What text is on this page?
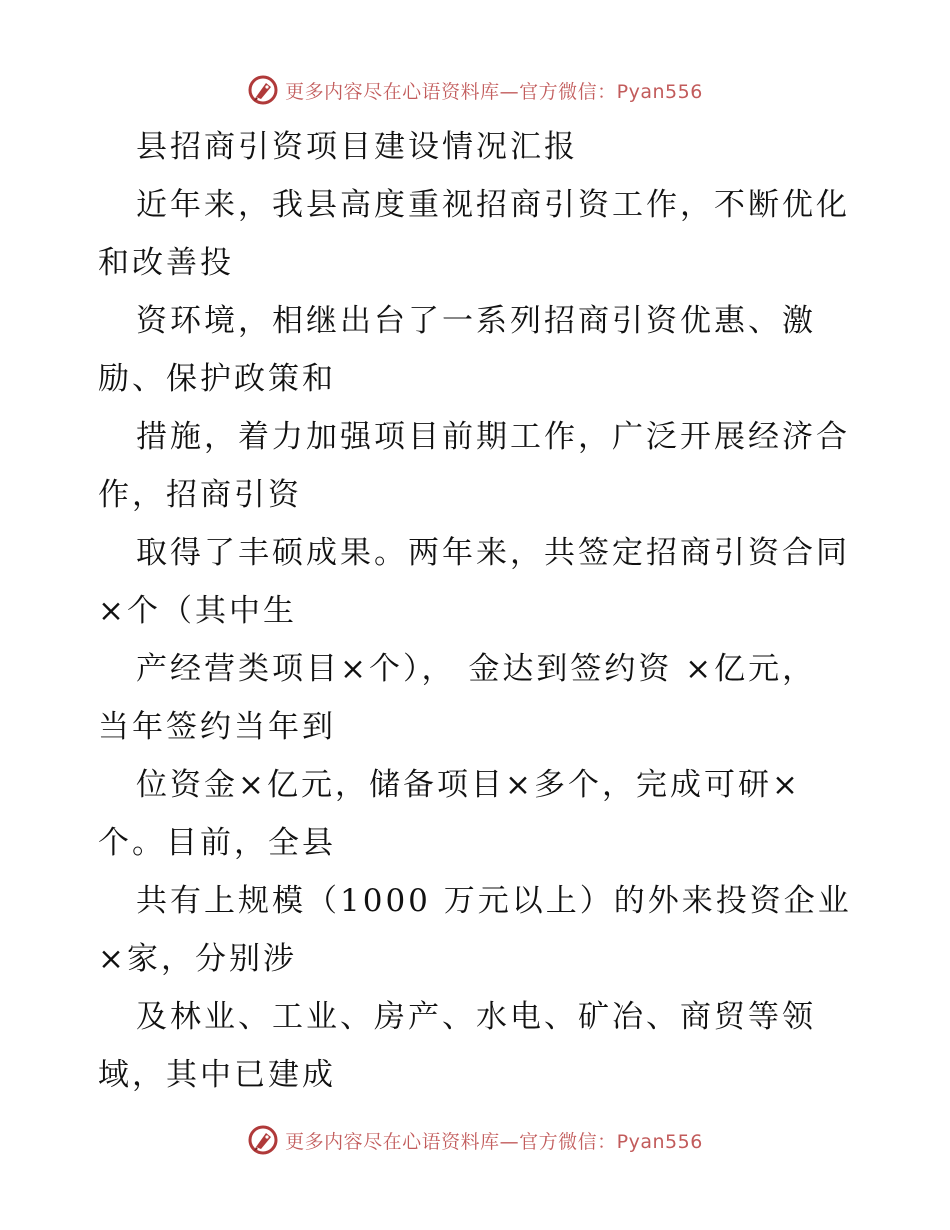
更多内容尽在心语资料库—官方微信：Pyan556
县招商引资项目建设情况汇报
近年来，我县高度重视招商引资工作，不断优化
和改善投
资环境，相继出台了一系列招商引资优惠、激
励、保护政策和
措施，着力加强项目前期工作，广泛开展经济合
作，招商引资
取得了丰硕成果。两年来，共签定招商引资合同
×个（其中生
产经营类项目×个）， 金达到签约资 ×亿元，
当年签约当年到
位资金×亿元，储备项目×多个，完成可研×
个。目前，全县
共有上规模（1000 万元以上）的外来投资企业
×家，分别涉
及林业、工业、房产、水电、矿冶、商贸等领
域，其中已建成
更多内容尽在心语资料库—官方微信：Pyan556
